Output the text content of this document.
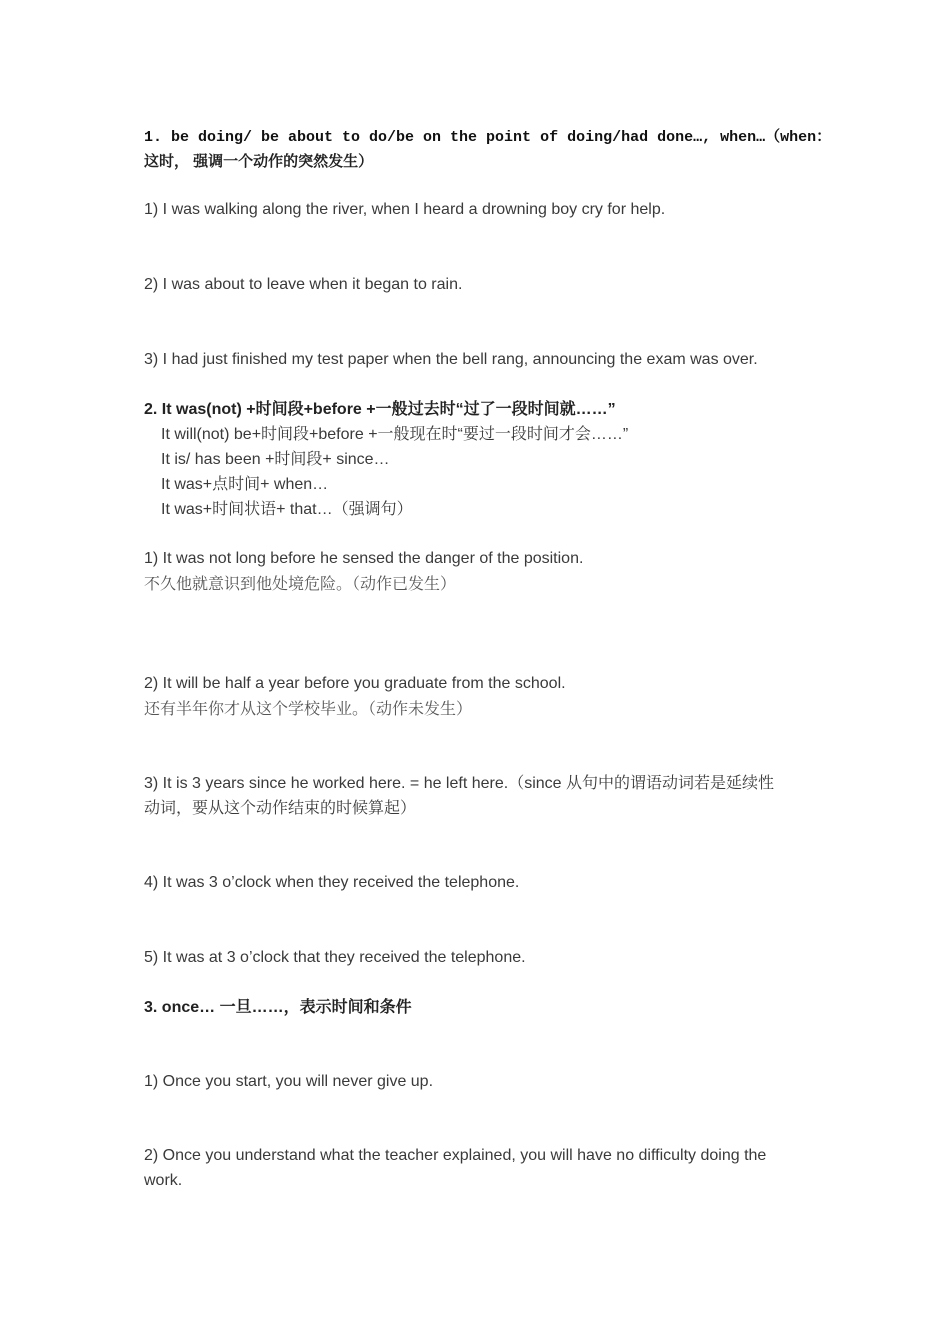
1. be doing/ be about to do/be on the point of doing/had done…, when…（when：
这时， 强调一个动作的突然发生）
1) I was walking along the river, when I heard a drowning boy cry for help.
2) I was about to leave when it began to rain.
3) I had just finished my test paper when the bell rang, announcing the exam was over.
2. It was(not) +时间段+before +一般过去时“过了一段时间就……”
It will(not) be+时间段+before +一般现在时“要过一段时间才会……”
It is/ has been +时间段+ since…
It was+点时间+ when…
It was+时间状语+ that…（强调句）
1) It was not long before he sensed the danger of the position.
不久他就意识到他处境危险。（动作已发生）
2) It will be half a year before you graduate from the school.
还有半年你才从这个学校毕业。（动作未发生）
3) It is 3 years since he worked here. = he left here.（since 从句中的谓语动词若是延续性
动词，要从这个动作结束的时候算起）
4) It was 3 o’clock when they received the telephone.
5) It was at 3 o’clock that they received the telephone.
3. once… 一旦……，表示时间和条件
1) Once you start, you will never give up.
2) Once you understand what the teacher explained, you will have no difficulty doing the
work.
